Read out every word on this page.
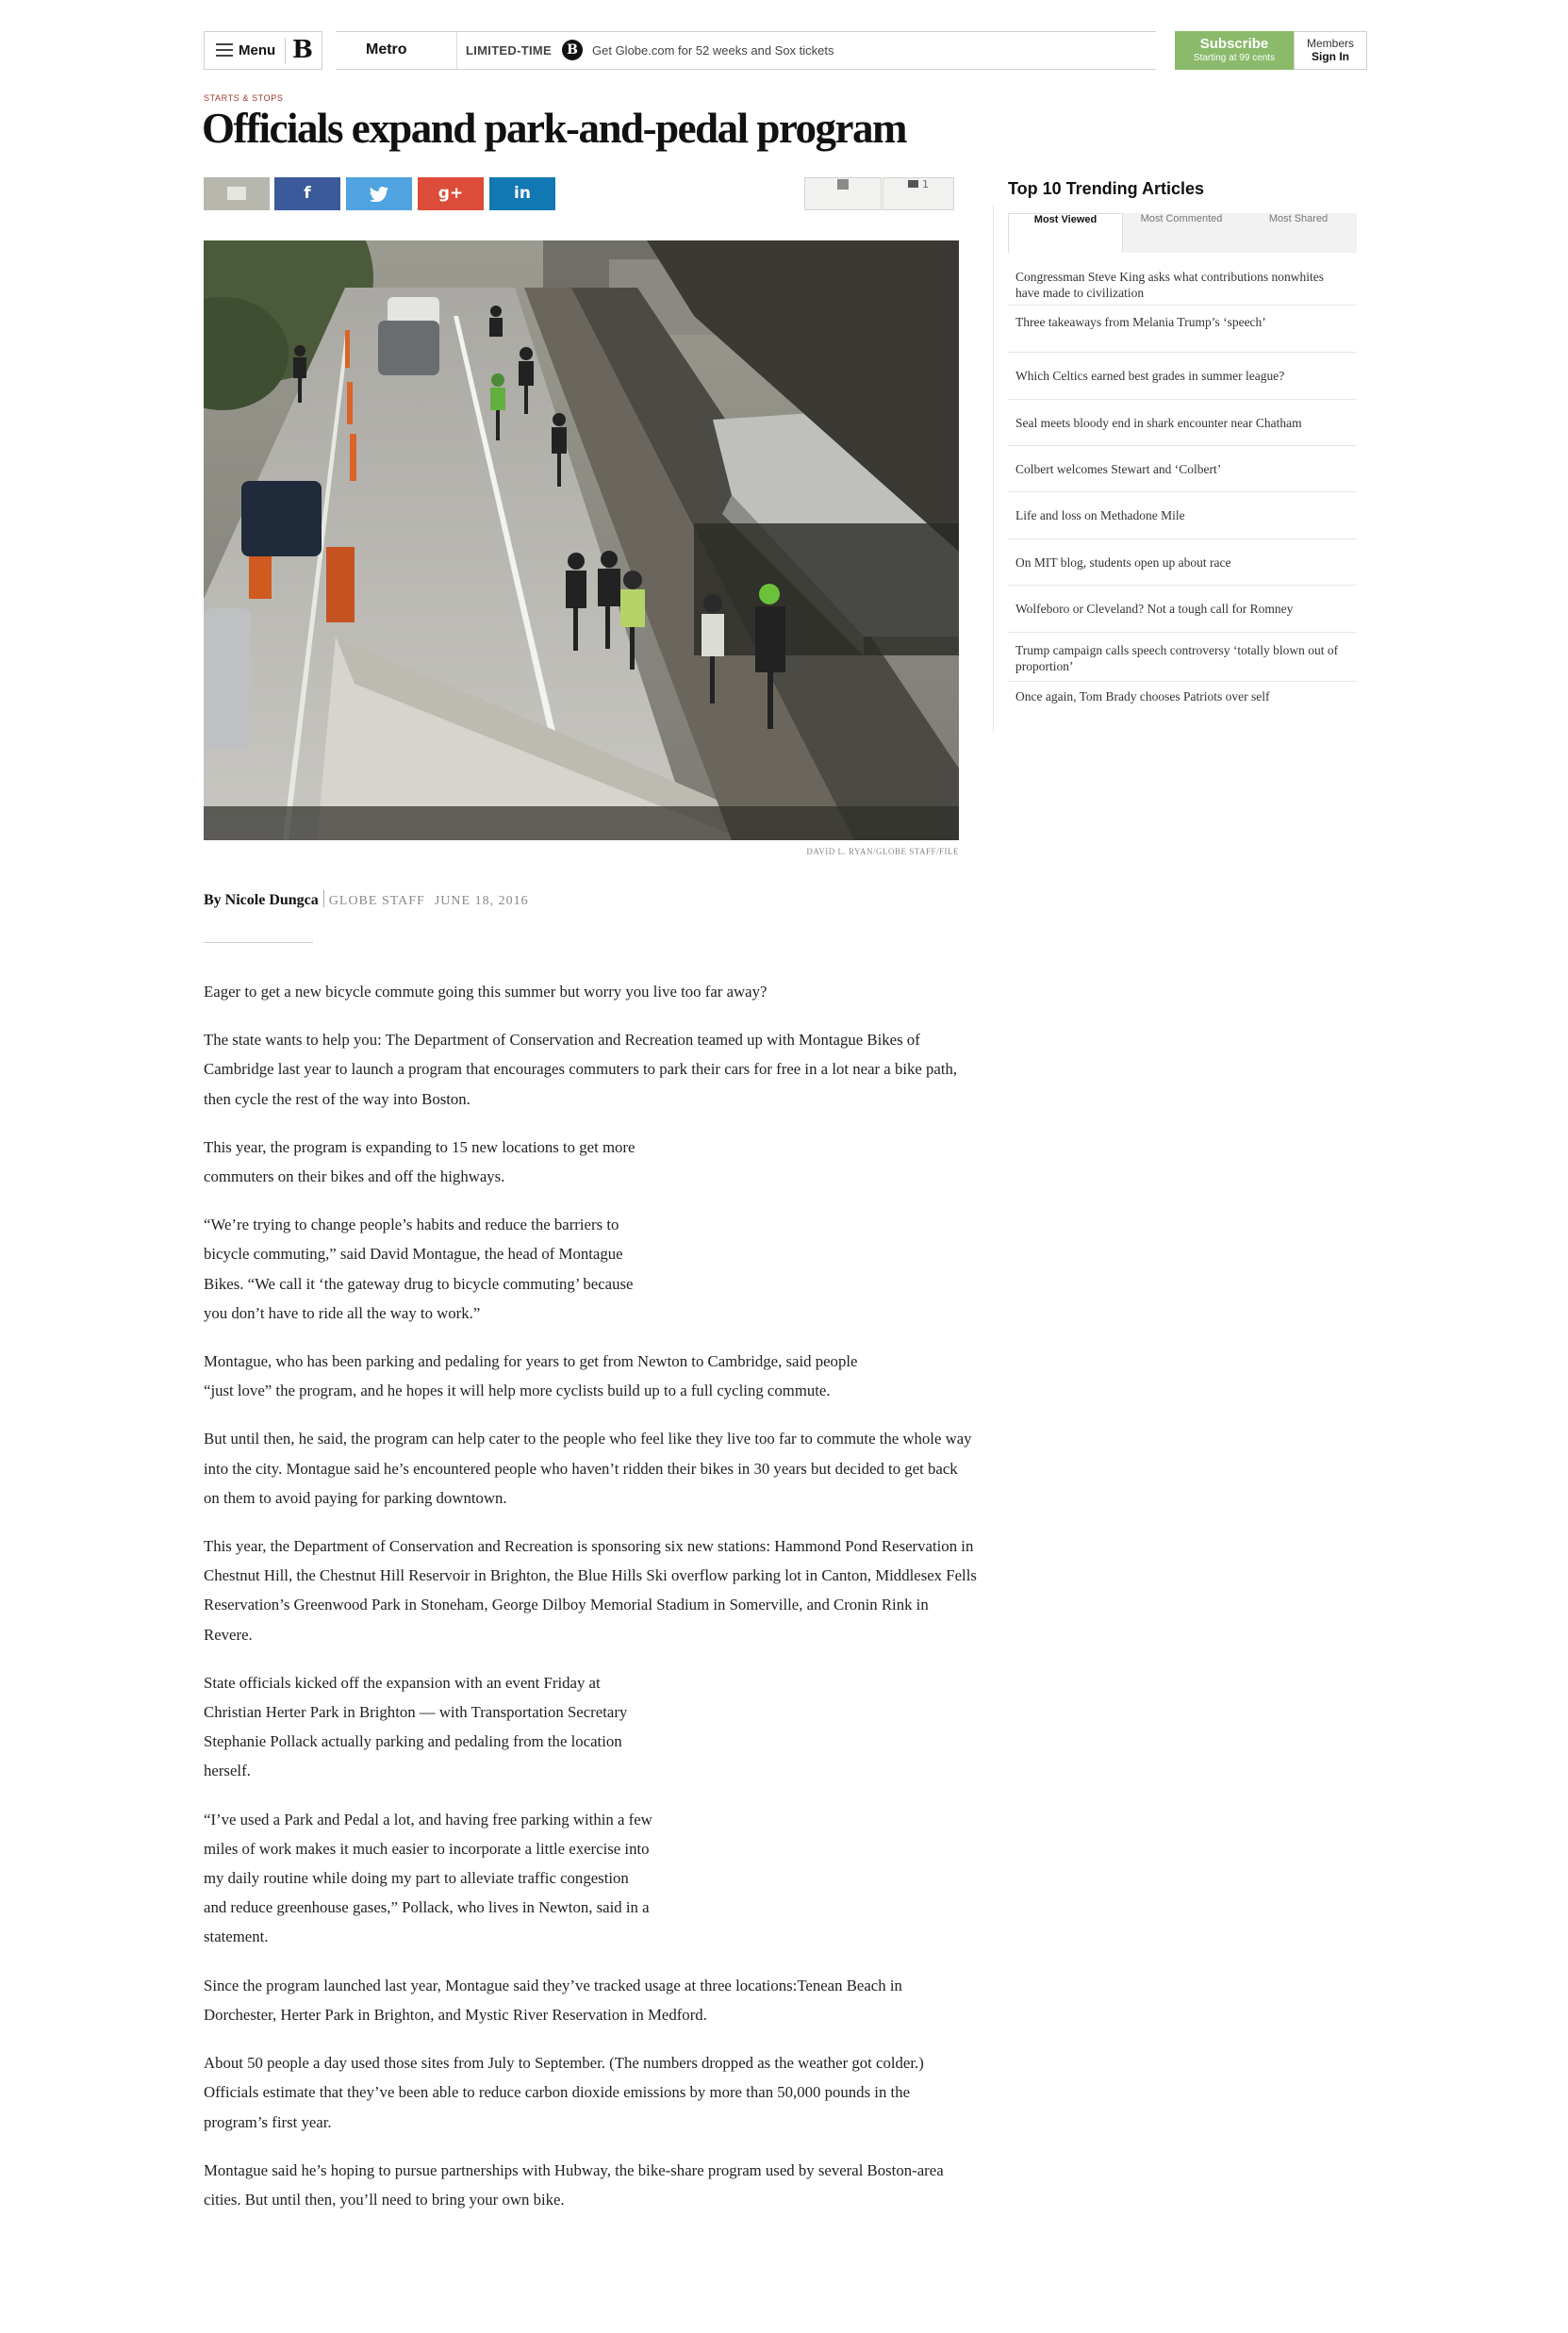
Menu B	Metro	LIMITED-TIME	B	Get Globe.com for 52 weeks and Sox tickets	Subscribe
Starting at 99 cents
Members
Sign In
STARTS & STOPS
Officials expand park-and-pedal program
f	g+	in	1
DAVID L. RYAN/GLOBE STAFF/FILE
By Nicole Dungca GLOBE STAFF JUNE 18, 2016

Eager to get a new bicycle commute going this summer but worry you live too far away?

The state wants to help you: The Department of Conservation and Recreation teamed up with Montague Bikes of Cambridge last year to launch a program that encourages commuters to park their cars for free in a lot near a bike path, then cycle the rest of the way into Boston.

This year, the program is expanding to 15 new locations to get more commuters on their bikes and off the highways.

“We’re trying to change people’s habits and reduce the barriers to bicycle commuting,” said David Montague, the head of Montague Bikes. “We call it ‘the gateway drug to bicycle commuting’ because you don’t have to ride all the way to work.”

Montague, who has been parking and pedaling for years to get from Newton to Cambridge, said people “just love” the program, and he hopes it will help more cyclists build up to a full cycling commute.

But until then, he said, the program can help cater to the people who feel like they live too far to commute the whole way into the city. Montague said he’s encountered people who haven’t ridden their bikes in 30 years but decided to get back on them to avoid paying for parking downtown.

This year, the Department of Conservation and Recreation is sponsoring six new stations: Hammond Pond Reservation in Chestnut Hill, the Chestnut Hill Reservoir in Brighton, the Blue Hills Ski overflow parking lot in Canton, Middlesex Fells Reservation’s Greenwood Park in Stoneham, George Dilboy Memorial Stadium in Somerville, and Cronin Rink in Revere.

State officials kicked off the expansion with an event Friday at Christian Herter Park in Brighton — with Transportation Secretary Stephanie Pollack actually parking and pedaling from the location herself.

“I’ve used a Park and Pedal a lot, and having free parking within a few miles of work makes it much easier to incorporate a little exercise into my daily routine while doing my part to alleviate traffic congestion and reduce greenhouse gases,” Pollack, who lives in Newton, said in a statement.

Since the program launched last year, Montague said they’ve tracked usage at three locations:Tenean Beach in Dorchester, Herter Park in Brighton, and Mystic River Reservation in Medford.

About 50 people a day used those sites from July to September. (The numbers dropped as the weather got colder.) Officials estimate that they’ve been able to reduce carbon dioxide emissions by more than 50,000 pounds in the program’s first year.

Montague said he’s hoping to pursue partnerships with Hubway, the bike-share program used by several Boston-area cities. But until then, you’ll need to bring your own bike.

Top 10 Trending Articles
Most Viewed	Most Commented	Most Shared
Congressman Steve King asks what contributions nonwhites have made to civilization
Three takeaways from Melania Trump’s ‘speech’
Which Celtics earned best grades in summer league?
Seal meets bloody end in shark encounter near Chatham
Colbert welcomes Stewart and ‘Colbert’
Life and loss on Methadone Mile
On MIT blog, students open up about race
Wolfeboro or Cleveland? Not a tough call for Romney
Trump campaign calls speech controversy ‘totally blown out of proportion’
Once again, Tom Brady chooses Patriots over self
